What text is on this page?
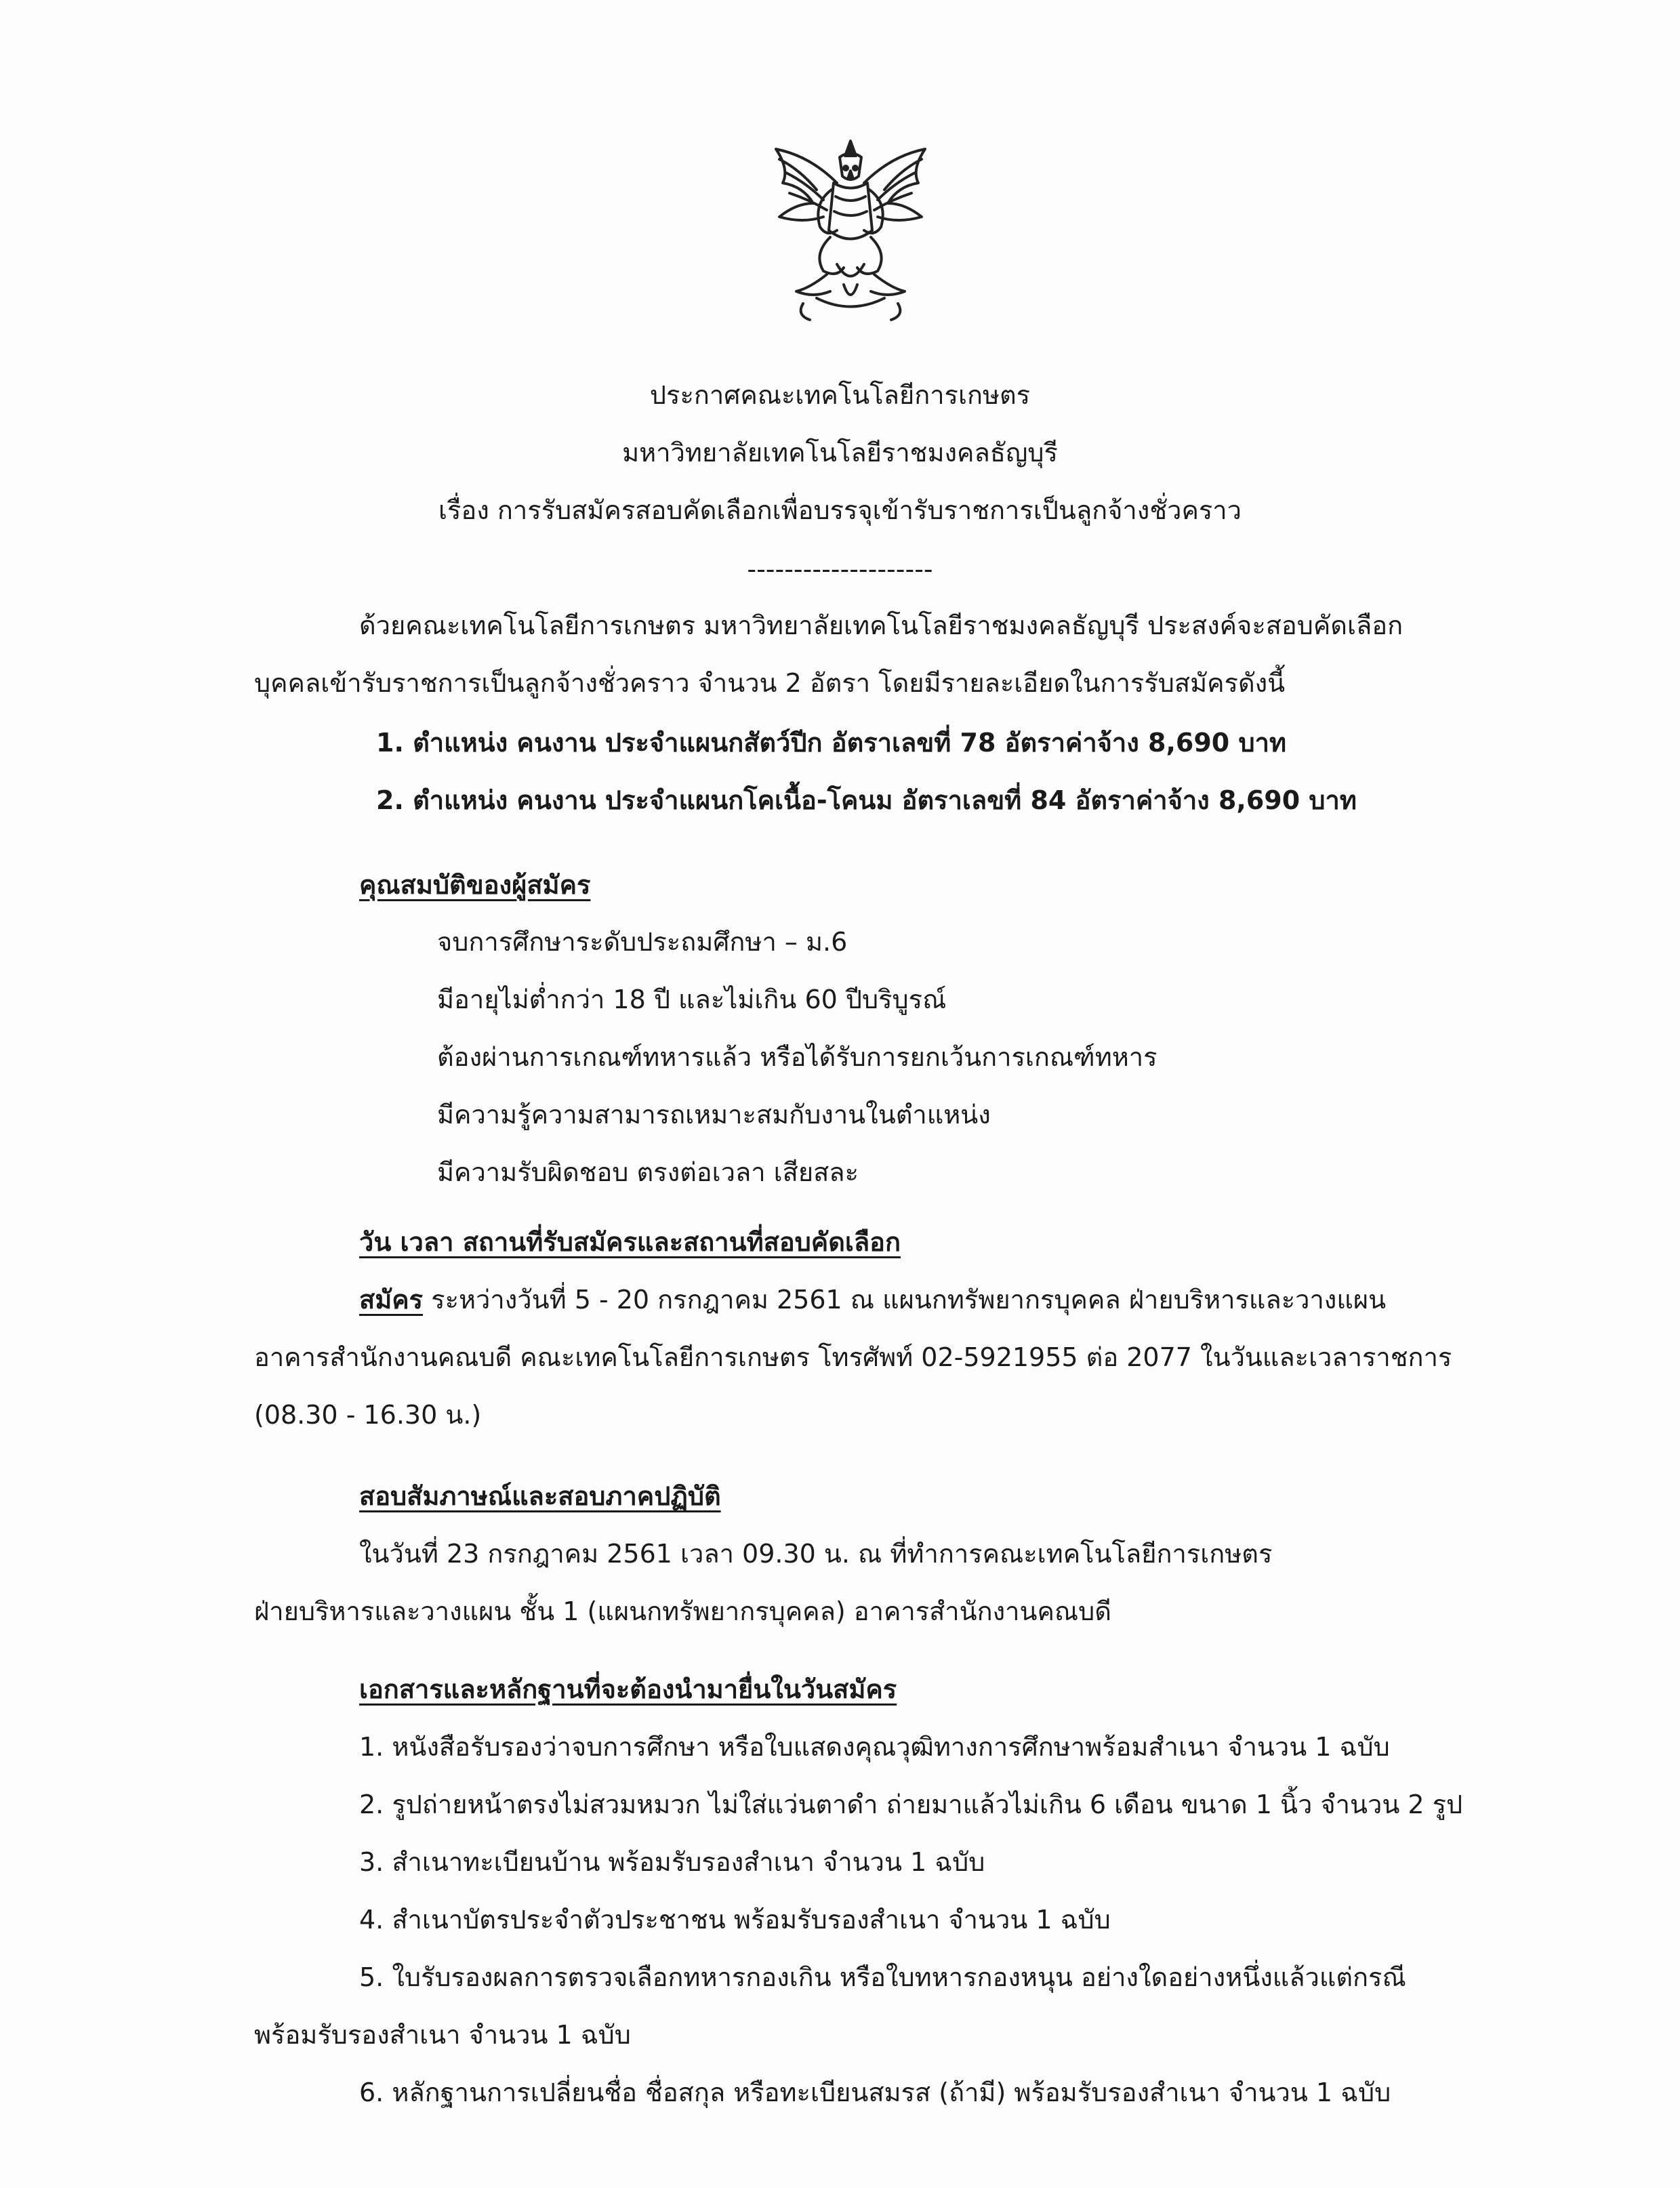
ประกาศคณะเทคโนโลยีการเกษตร
มหาวิทยาลัยเทคโนโลยีราชมงคลธัญบุรี
เรื่อง การรับสมัครสอบคัดเลือกเพื่อบรรจุเข้ารับราชการเป็นลูกจ้างชั่วคราว
--------------------
ด้วยคณะเทคโนโลยีการเกษตร มหาวิทยาลัยเทคโนโลยีราชมงคลธัญบุรี ประสงค์จะสอบคัดเลือก
บุคคลเข้ารับราชการเป็นลูกจ้างชั่วคราว จำนวน 2 อัตรา โดยมีรายละเอียดในการรับสมัครดังนี้
1. ตำแหน่ง คนงาน ประจำแผนกสัตว์ปีก อัตราเลขที่ 78 อัตราค่าจ้าง 8,690 บาท
2. ตำแหน่ง คนงาน ประจำแผนกโคเนื้อ-โคนม อัตราเลขที่ 84 อัตราค่าจ้าง 8,690 บาท
คุณสมบัติของผู้สมัคร
จบการศึกษาระดับประถมศึกษา – ม.6
มีอายุไม่ต่ำกว่า 18 ปี และไม่เกิน 60 ปีบริบูรณ์
ต้องผ่านการเกณฑ์ทหารแล้ว หรือได้รับการยกเว้นการเกณฑ์ทหาร
มีความรู้ความสามารถเหมาะสมกับงานในตำแหน่ง
มีความรับผิดชอบ ตรงต่อเวลา เสียสละ
วัน เวลา สถานที่รับสมัครและสถานที่สอบคัดเลือก
สมัคร ระหว่างวันที่ 5 - 20 กรกฎาคม 2561 ณ แผนกทรัพยากรบุคคล ฝ่ายบริหารและวางแผน
อาคารสำนักงานคณบดี คณะเทคโนโลยีการเกษตร โทรศัพท์ 02-5921955 ต่อ 2077 ในวันและเวลาราชการ
(08.30 - 16.30 น.)
สอบสัมภาษณ์และสอบภาคปฏิบัติ
ในวันที่ 23 กรกฎาคม 2561 เวลา 09.30 น. ณ ที่ทำการคณะเทคโนโลยีการเกษตร
ฝ่ายบริหารและวางแผน ชั้น 1 (แผนกทรัพยากรบุคคล) อาคารสำนักงานคณบดี
เอกสารและหลักฐานที่จะต้องนำมายื่นในวันสมัคร
1. หนังสือรับรองว่าจบการศึกษา หรือใบแสดงคุณวุฒิทางการศึกษาพร้อมสำเนา จำนวน 1 ฉบับ
2. รูปถ่ายหน้าตรงไม่สวมหมวก ไม่ใส่แว่นตาดำ ถ่ายมาแล้วไม่เกิน 6 เดือน ขนาด 1 นิ้ว จำนวน 2 รูป
3. สำเนาทะเบียนบ้าน พร้อมรับรองสำเนา จำนวน 1 ฉบับ
4. สำเนาบัตรประจำตัวประชาชน พร้อมรับรองสำเนา จำนวน 1 ฉบับ
5. ใบรับรองผลการตรวจเลือกทหารกองเกิน หรือใบทหารกองหนุน อย่างใดอย่างหนึ่งแล้วแต่กรณี
พร้อมรับรองสำเนา จำนวน 1 ฉบับ
6. หลักฐานการเปลี่ยนชื่อ ชื่อสกุล หรือทะเบียนสมรส (ถ้ามี) พร้อมรับรองสำเนา จำนวน 1 ฉบับ
